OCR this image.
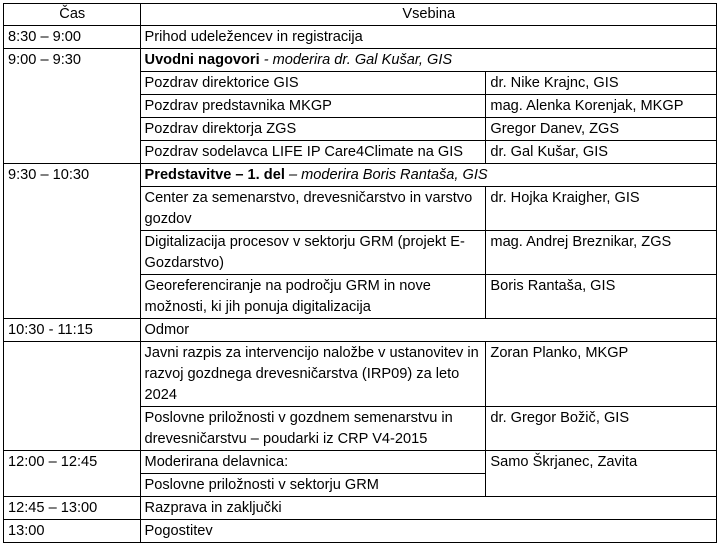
Čas	Vsebina	
8:30 – 9:00	Prihod udeležencev in registracija	
9:00 – 9:30	Uvodni nagovori - moderira dr. Gal Kušar, GIS	
	Pozdrav direktorice GIS	dr. Nike Krajnc, GIS
	Pozdrav predstavnika MKGP	mag. Alenka Korenjak, MKGP
	Pozdrav direktorja ZGS	Gregor Danev, ZGS
	Pozdrav sodelavca LIFE IP Care4Climate na GIS	dr. Gal Kušar, GIS
9:30 – 10:30	Predstavitve – 1. del – moderira Boris Rantaša, GIS	
	Center za semenarstvo, drevesničarstvo in varstvo gozdov	dr. Hojka Kraigher, GIS
	Digitalizacija procesov v sektorju GRM (projekt E-Gozdarstvo)	mag. Andrej Breznikar, ZGS
	Georeferenciranje na področju GRM in nove možnosti, ki jih ponuja digitalizacija	Boris Rantaša, GIS
10:30 - 11:15	Odmor	
	Javni razpis za intervencijo naložbe v ustanovitev in razvoj gozdnega drevesničarstva (IRP09) za leto 2024	Zoran Planko, MKGP
	Poslovne priložnosti v gozdnem semenarstvu in drevesničarstvu – poudarki iz CRP V4-2015	dr. Gregor Božič, GIS
12:00 – 12:45	Moderirana delavnica:	Samo Škrjanec, Zavita
	Poslovne priložnosti v sektorju GRM	
12:45 – 13:00	Razprava in zaključki	
13:00	Pogostitev	
